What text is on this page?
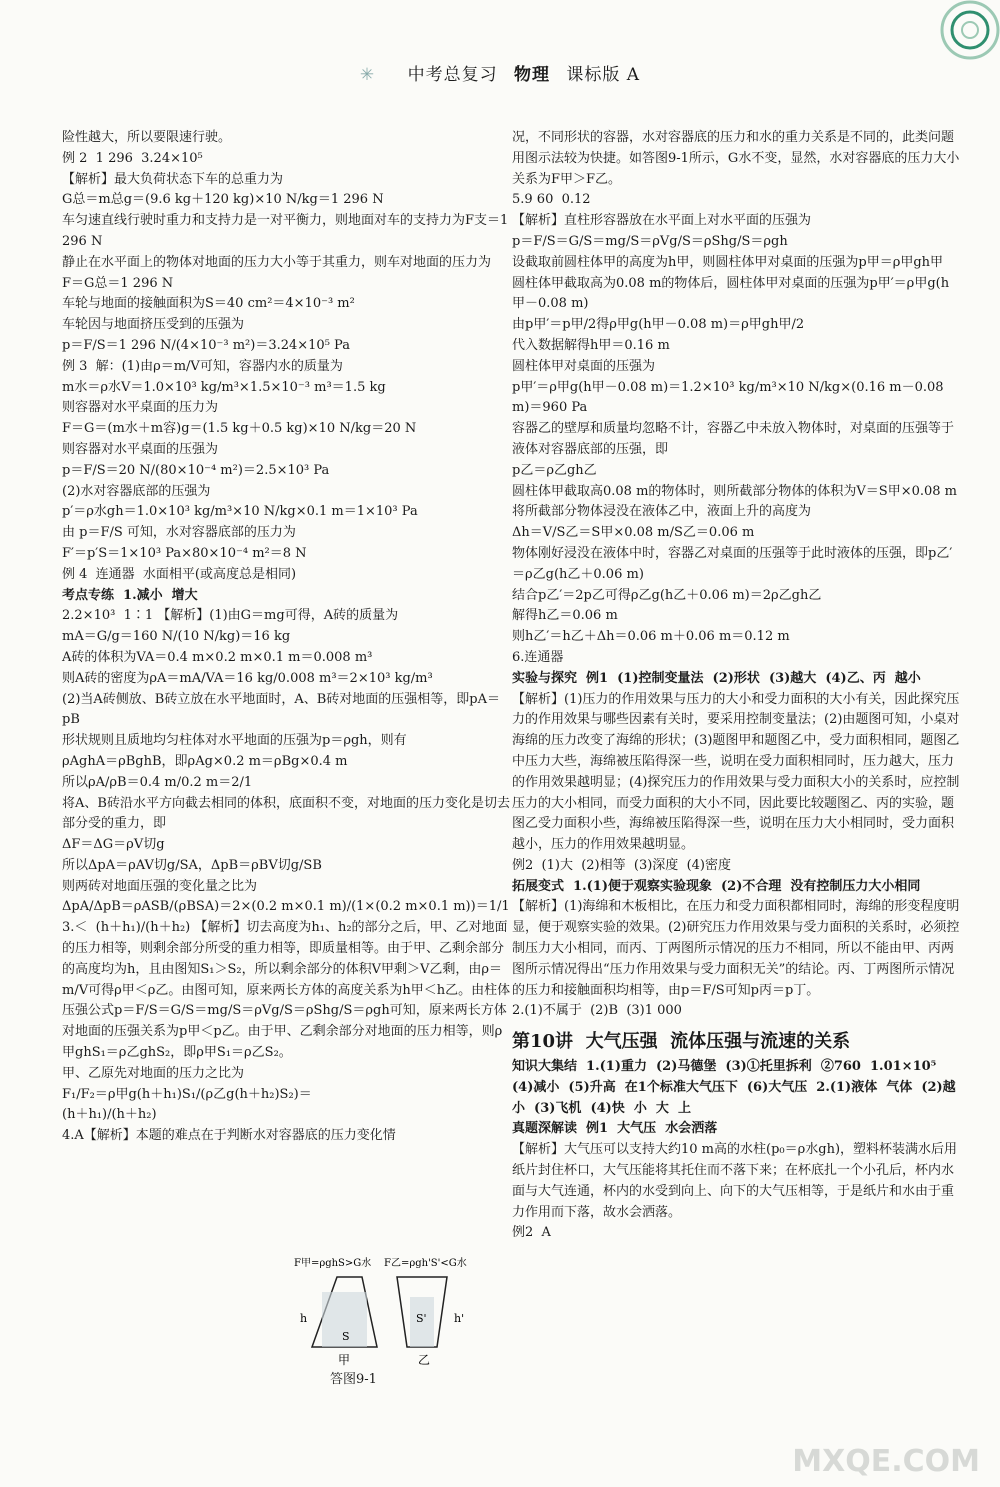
✳ 中考总复习 物理 课标版 A
险性越大，所以要限速行驶。
例 2  1 296  3.24×10⁵
【解析】最大负荷状态下车的总重力为
G总＝m总g＝(9.6 kg＋120 kg)×10 N/kg＝1 296 N
车匀速直线行驶时重力和支持力是一对平衡力，则地面对车的支持力为F支＝1 296 N
静止在水平面上的物体对地面的压力大小等于其重力，则车对地面的压力为
F＝G总＝1 296 N
车轮与地面的接触面积为S＝40 cm²＝4×10⁻³ m²
车轮因与地面挤压受到的压强为
p＝F/S＝1 296 N/(4×10⁻³ m²)＝3.24×10⁵ Pa
例 3  解：(1)由ρ＝m/V可知，容器内水的质量为
m水＝ρ水V＝1.0×10³ kg/m³×1.5×10⁻³ m³＝1.5 kg
则容器对水平桌面的压力为
F＝G＝(m水＋m容)g＝(1.5 kg＋0.5 kg)×10 N/kg＝20 N
则容器对水平桌面的压强为
p＝F/S＝20 N/(80×10⁻⁴ m²)＝2.5×10³ Pa
(2)水对容器底部的压强为
p′＝ρ水gh＝1.0×10³ kg/m³×10 N/kg×0.1 m＝1×10³ Pa
由 p＝F/S 可知，水对容器底部的压力为
F′＝p′S＝1×10³ Pa×80×10⁻⁴ m²＝8 N
例 4  连通器  水面相平(或高度总是相同)
考点专练  1.减小  增大
2.2×10³  1∶1 【解析】(1)由G＝mg可得，A砖的质量为
mA＝G/g＝160 N/(10 N/kg)＝16 kg
A砖的体积为VA＝0.4 m×0.2 m×0.1 m＝0.008 m³
则A砖的密度为ρA＝mA/VA＝16 kg/0.008 m³＝2×10³ kg/m³
(2)当A砖侧放、B砖立放在水平地面时，A、B砖对地面的压强相等，即pA＝pB
形状规则且质地均匀柱体对水平地面的压强为p＝ρgh，则有
ρAghA＝ρBghB，即ρAg×0.2 m＝ρBg×0.4 m
所以ρA/ρB＝0.4 m/0.2 m＝2/1
将A、B砖沿水平方向截去相同的体积，底面积不变，对地面的压力变化是切去部分受的重力，即
ΔF＝ΔG＝ρV切g
所以ΔpA＝ρAV切g/SA，ΔpB＝ρBV切g/SB
则两砖对地面压强的变化量之比为
ΔpA/ΔpB＝ρASB/(ρBSA)＝2×(0.2 m×0.1 m)/(1×(0.2 m×0.1 m))＝1/1
3.＜  (h＋h₁)/(h＋h₂) 【解析】切去高度为h₁、h₂的部分之后，甲、乙对地面的压力相等，则剩余部分所受的重力相等，即质量相等。由于甲、乙剩余部分的高度均为h，且由图知S₁＞S₂，所以剩余部分的体积V甲剩＞V乙剩，由ρ＝m/V可得ρ甲＜ρ乙。由图可知，原来两长方体的高度关系为h甲＜h乙。由柱体压强公式p＝F/S＝G/S＝mg/S＝ρVg/S＝ρShg/S＝ρgh可知，原来两长方体对地面的压强关系为p甲＜p乙。由于甲、乙剩余部分对地面的压力相等，则ρ甲ghS₁＝ρ乙ghS₂，即ρ甲S₁＝ρ乙S₂。
甲、乙原先对地面的压力之比为
F₁/F₂＝ρ甲g(h＋h₁)S₁/(ρ乙g(h＋h₂)S₂)＝
(h＋h₁)/(h＋h₂)
4.A【解析】本题的难点在于判断水对容器底的压力变化情
况，不同形状的容器，水对容器底的压力和水的重力关系是不同的，此类问题用图示法较为快捷。如答图9-1所示，G水不变，显然，水对容器底的压力大小关系为F甲＞F乙。
5.9 60  0.12
【解析】直柱形容器放在水平面上对水平面的压强为
p＝F/S＝G/S＝mg/S＝ρVg/S＝ρShg/S＝ρgh
设截取前圆柱体甲的高度为h甲，则圆柱体甲对桌面的压强为p甲＝ρ甲gh甲
圆柱体甲截取高为0.08 m的物体后，圆柱体甲对桌面的压强为p甲′＝ρ甲g(h甲－0.08 m)
由p甲′＝p甲/2得ρ甲g(h甲－0.08 m)＝ρ甲gh甲/2
代入数据解得h甲＝0.16 m
圆柱体甲对桌面的压强为
p甲′＝ρ甲g(h甲－0.08 m)＝1.2×10³ kg/m³×10 N/kg×(0.16 m－0.08 m)＝960 Pa
容器乙的壁厚和质量均忽略不计，容器乙中未放入物体时，对桌面的压强等于液体对容器底部的压强，即
p乙＝ρ乙gh乙
圆柱体甲截取高0.08 m的物体时，则所截部分物体的体积为V＝S甲×0.08 m
将所截部分物体浸没在液体乙中，液面上升的高度为
Δh＝V/S乙＝S甲×0.08 m/S乙＝0.06 m
物体刚好浸没在液体中时，容器乙对桌面的压强等于此时液体的压强，即p乙′＝ρ乙g(h乙＋0.06 m)
结合p乙′＝2p乙可得ρ乙g(h乙＋0.06 m)＝2ρ乙gh乙
解得h乙＝0.06 m
则h乙′＝h乙＋Δh＝0.06 m＋0.06 m＝0.12 m
6.连通器
实验与探究  例1  (1)控制变量法  (2)形状  (3)越大  (4)乙、丙  越小
【解析】(1)压力的作用效果与压力的大小和受力面积的大小有关，因此探究压力的作用效果与哪些因素有关时，要采用控制变量法；(2)由题图可知，小桌对海绵的压力改变了海绵的形状；(3)题图甲和题图乙中，受力面积相同，题图乙中压力大些，海绵被压陷得深一些，说明在受力面积相同时，压力越大，压力的作用效果越明显；(4)探究压力的作用效果与受力面积大小的关系时，应控制压力的大小相同，而受力面积的大小不同，因此要比较题图乙、丙的实验，题图乙受力面积小些，海绵被压陷得深一些，说明在压力大小相同时，受力面积越小，压力的作用效果越明显。
例2  (1)大  (2)相等  (3)深度  (4)密度
拓展变式  1.(1)便于观察实验现象  (2)不合理  没有控制压力大小相同
【解析】(1)海绵和木板相比，在压力和受力面积都相同时，海绵的形变程度明显，便于观察实验的效果。(2)研究压力作用效果与受力面积的关系时，必须控制压力大小相同，而丙、丁两图所示情况的压力不相同，所以不能由甲、丙两图所示情况得出“压力作用效果与受力面积无关”的结论。丙、丁两图所示情况的压力和接触面积均相等，由p＝F/S可知p丙＝p丁。
2.(1)不属于  (2)B  (3)1 000
第10讲  大气压强  流体压强与流速的关系
知识大集结  1.(1)重力  (2)马德堡  (3)①托里拆利  ②760  1.01×10⁵  (4)减小  (5)升高  在1个标准大气压下  (6)大气压  2.(1)液体  气体  (2)越小  (3)飞机  (4)快  小  大  上
真题深解读  例1  大气压  水会洒落
【解析】大气压可以支持大约10 m高的水柱(p₀＝ρ水gh)，塑料杯装满水后用纸片封住杯口，大气压能将其托住而不落下来；在杯底扎一个小孔后，杯内水面与大气连通，杯内的水受到向上、向下的大气压相等，于是纸片和水由于重力作用而下落，故水会洒落。
例2  A
F甲=ρghS>G水 F乙=ρgh'S'<G水
S
S'
h	h'
甲	乙
答图9-1
MXQE.COM
